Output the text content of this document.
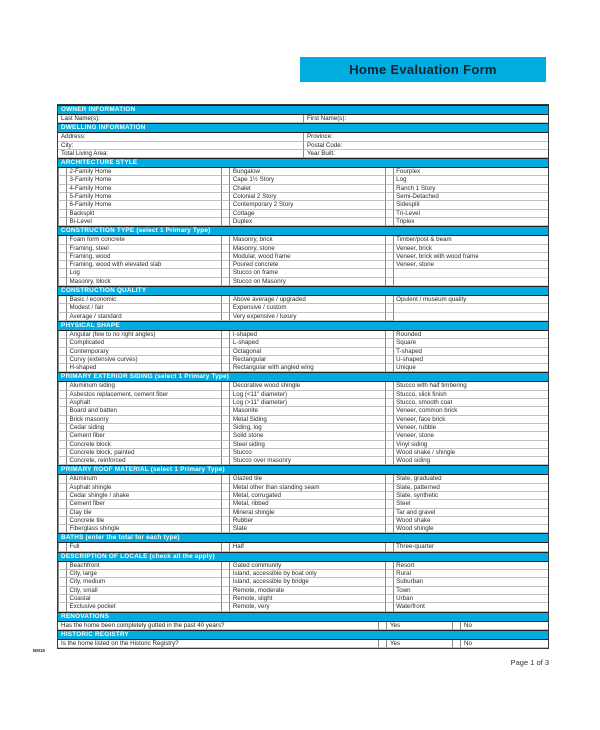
Home Evaluation Form
OWNER INFORMATION
Last Name(s):	First Name(s):
DWELLING INFORMATION
Address:	Province:
City:	Postal Code:
Total Living Area:	Year Built:
ARCHITECTURE STYLE
2-Family Home	Bungalow	Fourplex
3-Family Home	Cape 1½ Story	Log
4-Family Home	Chalet	Ranch 1 Story
5-Family Home	Colonial 2 Story	Semi-Detached
6-Family Home	Contemporary 2 Story	Sidesplit
Backsplit	Cottage	Tri-Level
Bi-Level	Duplex	Triplex
CONSTRUCTION TYPE (select 1 Primary Type)
Foam form concrete	Masonry, brick	Timber/post & beam
Framing, steel	Masonry, stone	Veneer, brick
Framing, wood	Modular, wood frame	Veneer, brick with wood frame
Framing, wood with elevated slab	Poured concrete	Veneer, stone
Log	Stucco on frame
Masonry, block	Stucco on Masonry
CONSTRUCTION QUALITY
Basic / economic	Above average / upgraded	Opulent / museum quality
Modest / fair	Expensive / custom
Average / standard	Very expensive / luxury
PHYSICAL SHAPE
Angular (few to no right angles)	I-shaped	Rounded
Complicated	L-shaped	Square
Contemporary	Octagonal	T-shaped
Curvy (extensive curves)	Rectangular	U-shaped
H-shaped	Rectangular with angled wing	Unique
PRIMARY EXTERIOR SIDING (select 1 Primary Type)
Aluminum siding	Decorative wood shingle	Stucco with half timbering
Asbestos replacement, cement fiber	Log (<11" diameter)	Stucco, slick finish
Asphalt	Log (>11" diameter)	Stucco, smooth coat
Board and batten	Masonite	Veneer, common brick
Brick masonry	Metal Siding	Veneer, face brick
Cedar siding	Siding, log	Veneer, rubble
Cement fiber	Solid stone	Veneer, stone
Concrete block	Steel siding	Vinyl siding
Concrete block, painted	Stucco	Wood shake / shingle
Concrete, reinforced	Stucco over masonry	Wood siding
PRIMARY ROOF MATERIAL (select 1 Primary Type)
Aluminum	Glazed tile	Slate, graduated
Asphalt shingle	Metal other than standing seam	Slate, patterned
Cedar shingle / shake	Metal, corrugated	Slate, synthetic
Cement fiber	Metal, ribbed	Steel
Clay tile	Mineral shingle	Tar and gravel
Concrete tile	Rubber	Wood shake
Fiberglass shingle	Slate	Wood shingle
BATHS (enter the total for each type)
Full	Half	Three-quarter
DESCRIPTION OF LOCALE (check all the apply)
Beachfront	Gated community	Resort
City, large	Island, accessible by boat only	Rural
City, medium	Island, accessible by bridge	Suburban
City, small	Remote, moderate	Town
Coastal	Remote, slight	Urban
Exclusive pocket	Remote, very	Waterfront
RENOVATIONS
Has the home been completely gutted in the past 40 years?	Yes	No
HISTORIC REGISTRY
Is the home listed on the Historic Registry?	Yes	No
BM16
Page 1 of 3
